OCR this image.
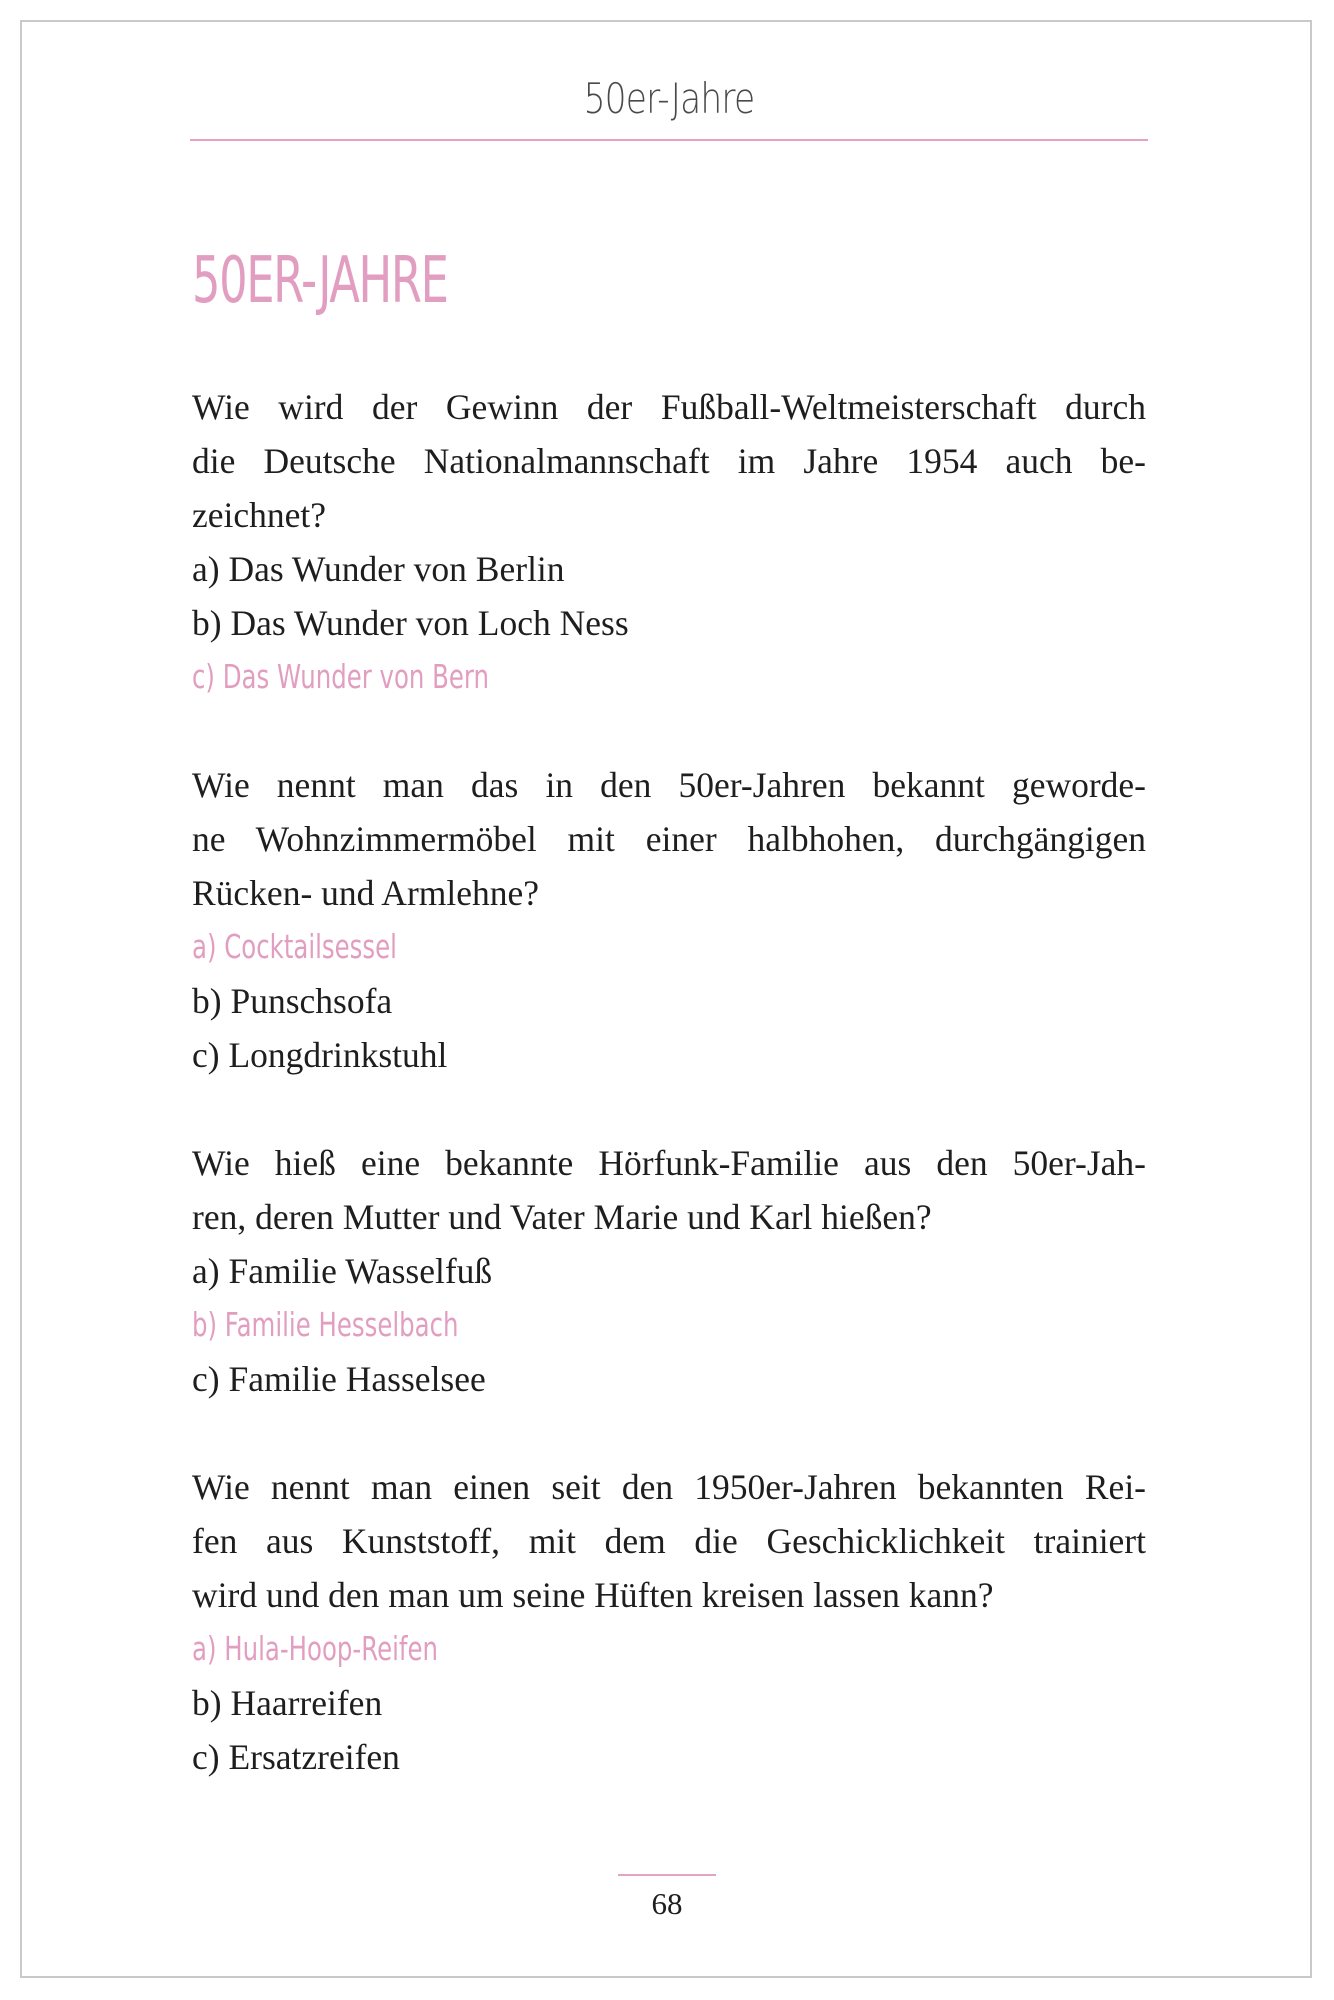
50er-Jahre
50ER-JAHRE
Wie wird der Gewinn der Fußball-Weltmeisterschaft durch
die Deutsche Nationalmannschaft im Jahre 1954 auch be-
zeichnet?
a) Das Wunder von Berlin
b) Das Wunder von Loch Ness
c) Das Wunder von Bern
Wie nennt man das in den 50er-Jahren bekannt geworde-
ne Wohnzimmermöbel mit einer halbhohen, durchgängigen
Rücken- und Armlehne?
a) Cocktailsessel
b) Punschsofa
c) Longdrinkstuhl
Wie hieß eine bekannte Hörfunk-Familie aus den 50er-Jah-
ren, deren Mutter und Vater Marie und Karl hießen?
a) Familie Wasselfuß
b) Familie Hesselbach
c) Familie Hasselsee
Wie nennt man einen seit den 1950er-Jahren bekannten Rei-
fen aus Kunststoff, mit dem die Geschicklichkeit trainiert
wird und den man um seine Hüften kreisen lassen kann?
a) Hula-Hoop-Reifen
b) Haarreifen
c) Ersatzreifen
68
